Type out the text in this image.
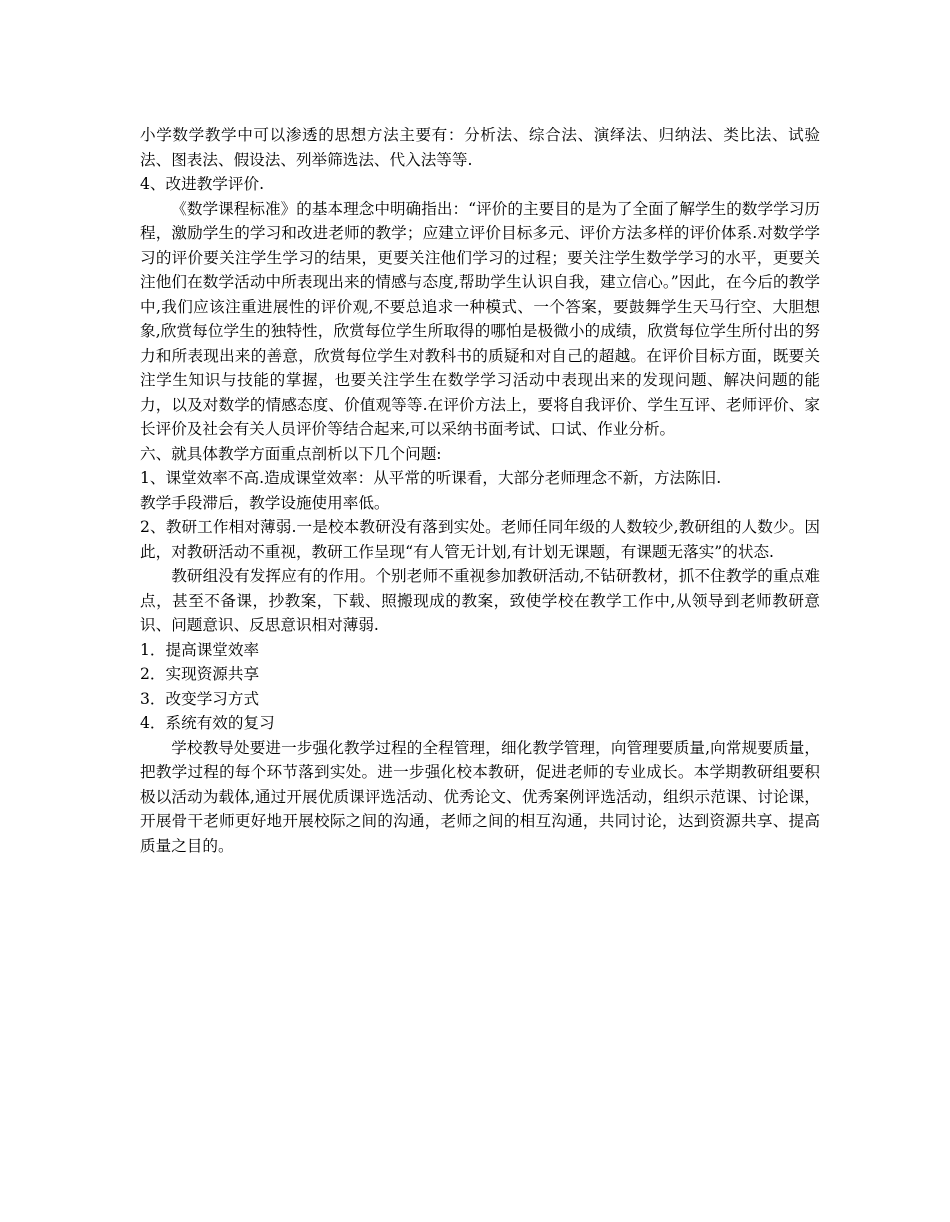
小学数学教学中可以渗透的思想方法主要有：分析法、综合法、演绎法、归纳法、类比法、试验法、图表法、假设法、列举筛选法、代入法等等.

4、改进教学评价.

《数学课程标准》的基本理念中明确指出：“评价的主要目的是为了全面了解学生的数学学习历程，激励学生的学习和改进老师的教学；应建立评价目标多元、评价方法多样的评价体系.对数学学习的评价要关注学生学习的结果，更要关注他们学习的过程；要关注学生数学学习的水平，更要关注他们在数学活动中所表现出来的情感与态度,帮助学生认识自我，建立信心。”因此，在今后的教学中,我们应该注重进展性的评价观,不要总追求一种模式、一个答案，要鼓舞学生天马行空、大胆想象,欣赏每位学生的独特性，欣赏每位学生所取得的哪怕是极微小的成绩，欣赏每位学生所付出的努力和所表现出来的善意，欣赏每位学生对教科书的质疑和对自己的超越。在评价目标方面，既要关注学生知识与技能的掌握，也要关注学生在数学学习活动中表现出来的发现问题、解决问题的能力，以及对数学的情感态度、价值观等等.在评价方法上，要将自我评价、学生互评、老师评价、家长评价及社会有关人员评价等结合起来,可以采纳书面考试、口试、作业分析。

六、就具体教学方面重点剖析以下几个问题:

1、课堂效率不高.造成课堂效率：从平常的听课看，大部分老师理念不新，方法陈旧.

教学手段滞后，教学设施使用率低。

2、教研工作相对薄弱.一是校本教研没有落到实处。老师任同年级的人数较少,教研组的人数少。因此，对教研活动不重视，教研工作呈现“有人管无计划,有计划无课题，有课题无落实”的状态.

教研组没有发挥应有的作用。个别老师不重视参加教研活动,不钻研教材，抓不住教学的重点难点，甚至不备课，抄教案，下载、照搬现成的教案，致使学校在教学工作中,从领导到老师教研意识、问题意识、反思意识相对薄弱.

1．提高课堂效率

2．实现资源共享

3．改变学习方式

4．系统有效的复习

学校教导处要进一步强化教学过程的全程管理，细化教学管理，向管理要质量,向常规要质量，把教学过程的每个环节落到实处。进一步强化校本教研，促进老师的专业成长。本学期教研组要积极以活动为载体,通过开展优质课评选活动、优秀论文、优秀案例评选活动，组织示范课、讨论课，开展骨干老师更好地开展校际之间的沟通，老师之间的相互沟通，共同讨论，达到资源共享、提高质量之目的。
